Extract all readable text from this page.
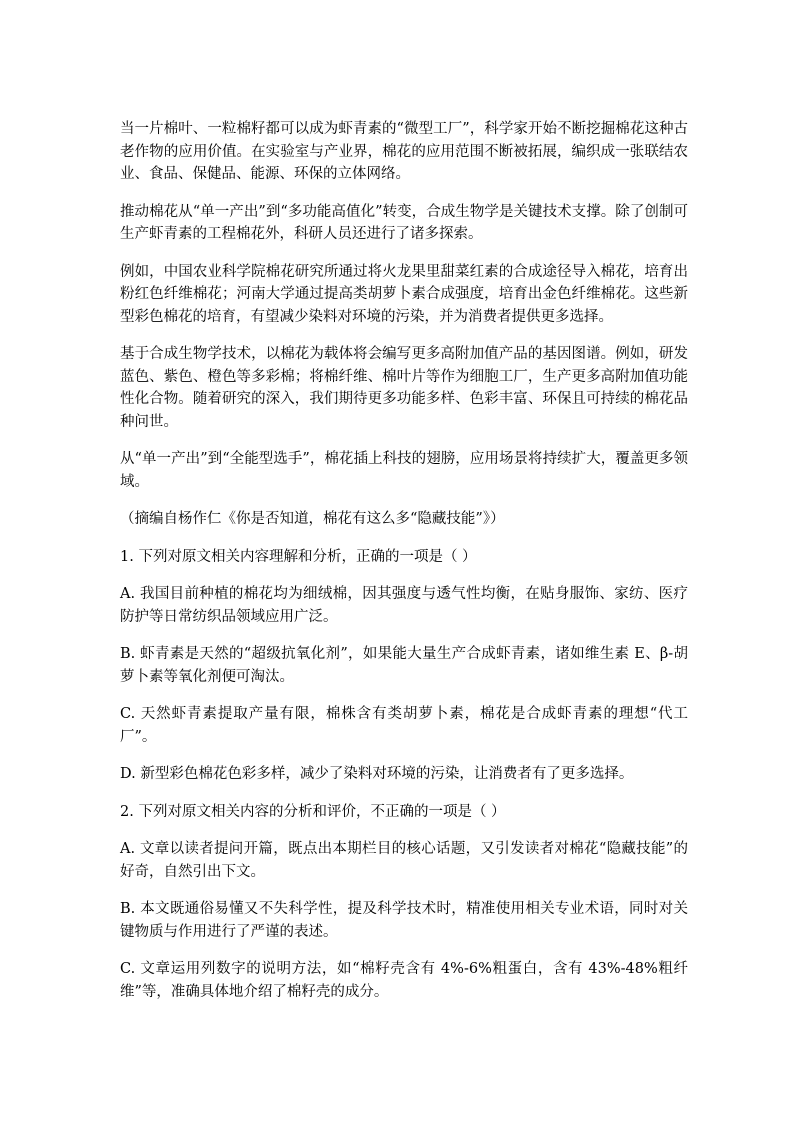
当一片棉叶、一粒棉籽都可以成为虾青素的“微型工厂”，科学家开始不断挖掘棉花这种古老作物的应用价值。在实验室与产业界，棉花的应用范围不断被拓展，编织成一张联结农业、食品、保健品、能源、环保的立体网络。

推动棉花从“单一产出”到“多功能高值化”转变，合成生物学是关键技术支撑。除了创制可生产虾青素的工程棉花外，科研人员还进行了诸多探索。

例如，中国农业科学院棉花研究所通过将火龙果里甜菜红素的合成途径导入棉花，培育出粉红色纤维棉花；河南大学通过提高类胡萝卜素合成强度，培育出金色纤维棉花。这些新型彩色棉花的培育，有望减少染料对环境的污染，并为消费者提供更多选择。

基于合成生物学技术，以棉花为载体将会编写更多高附加值产品的基因图谱。例如，研发蓝色、紫色、橙色等多彩棉；将棉纤维、棉叶片等作为细胞工厂，生产更多高附加值功能性化合物。随着研究的深入，我们期待更多功能多样、色彩丰富、环保且可持续的棉花品种问世。

从“单一产出”到“全能型选手”，棉花插上科技的翅膀，应用场景将持续扩大，覆盖更多领域。

（摘编自杨作仁《你是否知道，棉花有这么多“隐藏技能”》）

1. 下列对原文相关内容理解和分析，正确的一项是（ ）

A. 我国目前种植的棉花均为细绒棉，因其强度与透气性均衡，在贴身服饰、家纺、医疗防护等日常纺织品领域应用广泛。

B. 虾青素是天然的“超级抗氧化剂”，如果能大量生产合成虾青素，诸如维生素 E、β-胡萝卜素等氧化剂便可淘汰。

C. 天然虾青素提取产量有限，棉株含有类胡萝卜素，棉花是合成虾青素的理想“代工厂”。

D. 新型彩色棉花色彩多样，减少了染料对环境的污染，让消费者有了更多选择。

2. 下列对原文相关内容的分析和评价，不正确的一项是（ ）

A. 文章以读者提问开篇，既点出本期栏目的核心话题，又引发读者对棉花“隐藏技能”的好奇，自然引出下文。

B. 本文既通俗易懂又不失科学性，提及科学技术时，精准使用相关专业术语，同时对关键物质与作用进行了严谨的表述。

C. 文章运用列数字的说明方法，如“棉籽壳含有 4%-6%粗蛋白，含有 43%-48%粗纤维”等，准确具体地介绍了棉籽壳的成分。
